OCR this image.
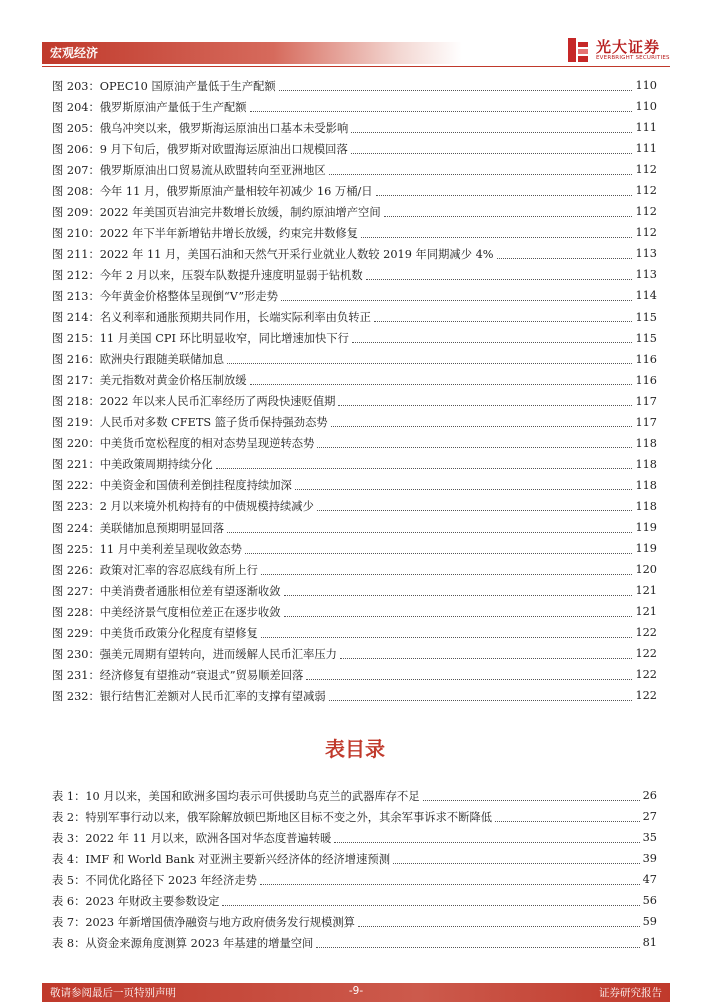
宏观经济	光大证券
EVERBRIGHT SECURITIES
图 203：OPEC10 国原油产量低于生产配额	110
图 204：俄罗斯原油产量低于生产配额	110
图 205：俄乌冲突以来，俄罗斯海运原油出口基本未受影响	111
图 206：9 月下旬后，俄罗斯对欧盟海运原油出口规模回落	111
图 207：俄罗斯原油出口贸易流从欧盟转向至亚洲地区	112
图 208：今年 11 月，俄罗斯原油产量相较年初减少 16 万桶/日	112
图 209：2022 年美国页岩油完井数增长放缓，制约原油增产空间	112
图 210：2022 年下半年新增钻井增长放缓，约束完井数修复	112
图 211：2022 年 11 月，美国石油和天然气开采行业就业人数较 2019 年同期减少 4%	113
图 212：今年 2 月以来，压裂车队数提升速度明显弱于钻机数	113
图 213：今年黄金价格整体呈现倒“V”形走势	114
图 214：名义利率和通胀预期共同作用，长端实际利率由负转正	115
图 215：11 月美国 CPI 环比明显收窄，同比增速加快下行	115
图 216：欧洲央行跟随美联储加息	116
图 217：美元指数对黄金价格压制放缓	116
图 218：2022 年以来人民币汇率经历了两段快速贬值期	117
图 219：人民币对多数 CFETS 篮子货币保持强劲态势	117
图 220：中美货币宽松程度的相对态势呈现逆转态势	118
图 221：中美政策周期持续分化	118
图 222：中美资金和国债利差倒挂程度持续加深	118
图 223：2 月以来境外机构持有的中债规模持续减少	118
图 224：美联储加息预期明显回落	119
图 225：11 月中美利差呈现收敛态势	119
图 226：政策对汇率的容忍底线有所上行	120
图 227：中美消费者通胀相位差有望逐渐收敛	121
图 228：中美经济景气度相位差正在逐步收敛	121
图 229：中美货币政策分化程度有望修复	122
图 230：强美元周期有望转向，进而缓解人民币汇率压力	122
图 231：经济修复有望推动“衰退式”贸易顺差回落	122
图 232：银行结售汇差额对人民币汇率的支撑有望减弱	122
表目录
表 1：10 月以来，美国和欧洲多国均表示可供援助乌克兰的武器库存不足	26
表 2：特别军事行动以来，俄军除解放顿巴斯地区目标不变之外，其余军事诉求不断降低	27
表 3：2022 年 11 月以来，欧洲各国对华态度普遍转暖	35
表 4：IMF 和 World Bank 对亚洲主要新兴经济体的经济增速预测	39
表 5：不同优化路径下 2023 年经济走势	47
表 6：2023 年财政主要参数设定	56
表 7：2023 年新增国债净融资与地方政府债务发行规模测算	59
表 8：从资金来源角度测算 2023 年基建的增量空间	81
敬请参阅最后一页特别声明	-9-	证券研究报告
